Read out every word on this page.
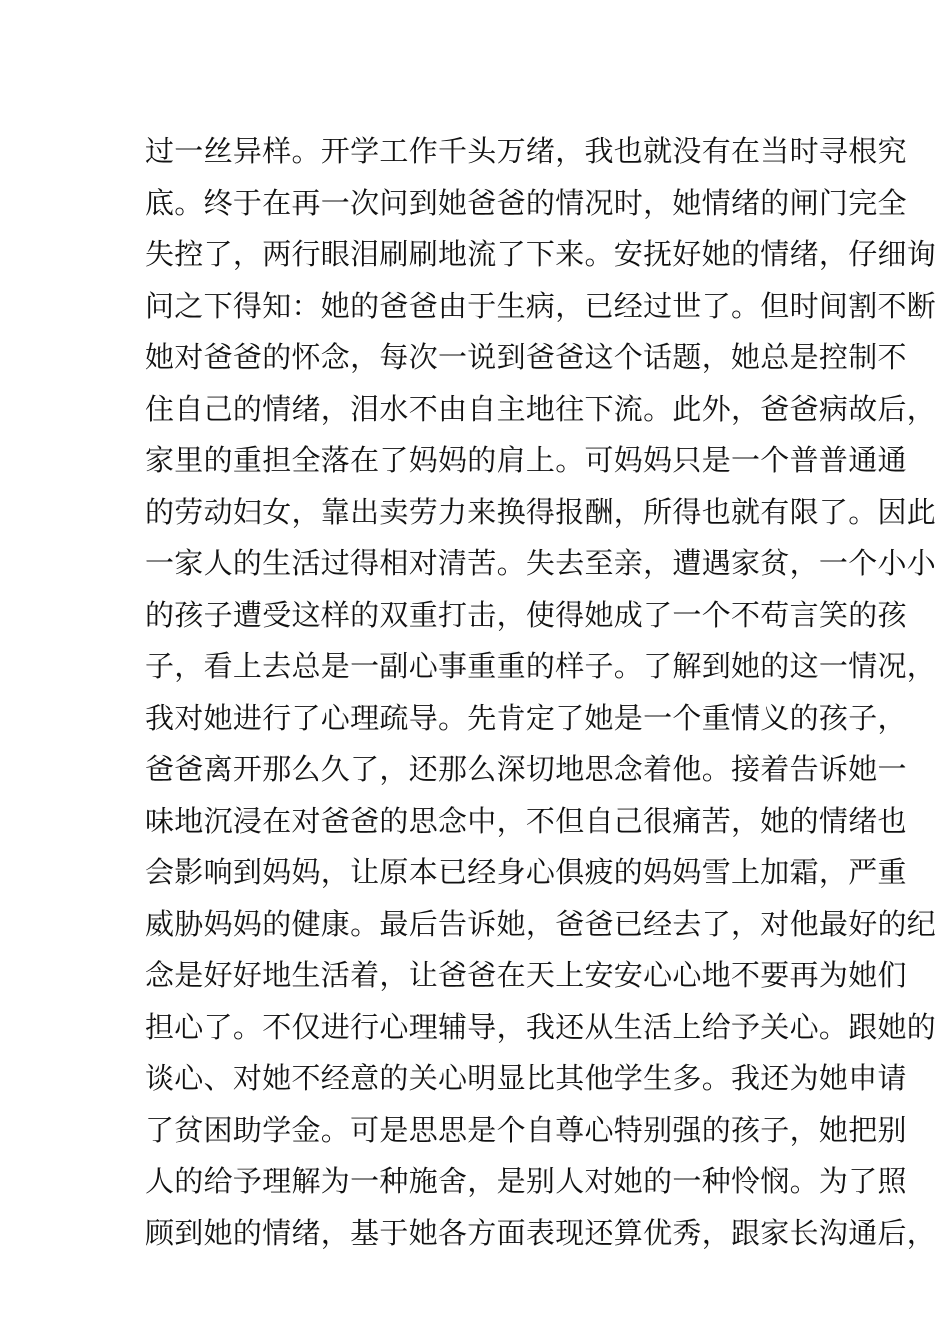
过一丝异样。开学工作千头万绪，我也就没有在当时寻根究
底。终于在再一次问到她爸爸的情况时，她情绪的闸门完全
失控了，两行眼泪刷刷地流了下来。安抚好她的情绪，仔细询
问之下得知：她的爸爸由于生病，已经过世了。但时间割不断
她对爸爸的怀念，每次一说到爸爸这个话题，她总是控制不
住自己的情绪，泪水不由自主地往下流。此外，爸爸病故后，
家里的重担全落在了妈妈的肩上。可妈妈只是一个普普通通
的劳动妇女，靠出卖劳力来换得报酬，所得也就有限了。因此
一家人的生活过得相对清苦。失去至亲，遭遇家贫，一个小小
的孩子遭受这样的双重打击，使得她成了一个不苟言笑的孩
子，看上去总是一副心事重重的样子。了解到她的这一情况，
我对她进行了心理疏导。先肯定了她是一个重情义的孩子，
爸爸离开那么久了，还那么深切地思念着他。接着告诉她一
味地沉浸在对爸爸的思念中，不但自己很痛苦，她的情绪也
会影响到妈妈，让原本已经身心俱疲的妈妈雪上加霜，严重
威胁妈妈的健康。最后告诉她，爸爸已经去了，对他最好的纪
念是好好地生活着，让爸爸在天上安安心心地不要再为她们
担心了。不仅进行心理辅导，我还从生活上给予关心。跟她的
谈心、对她不经意的关心明显比其他学生多。我还为她申请
了贫困助学金。可是思思是个自尊心特别强的孩子，她把别
人的给予理解为一种施舍，是别人对她的一种怜悯。为了照
顾到她的情绪，基于她各方面表现还算优秀，跟家长沟通后，
